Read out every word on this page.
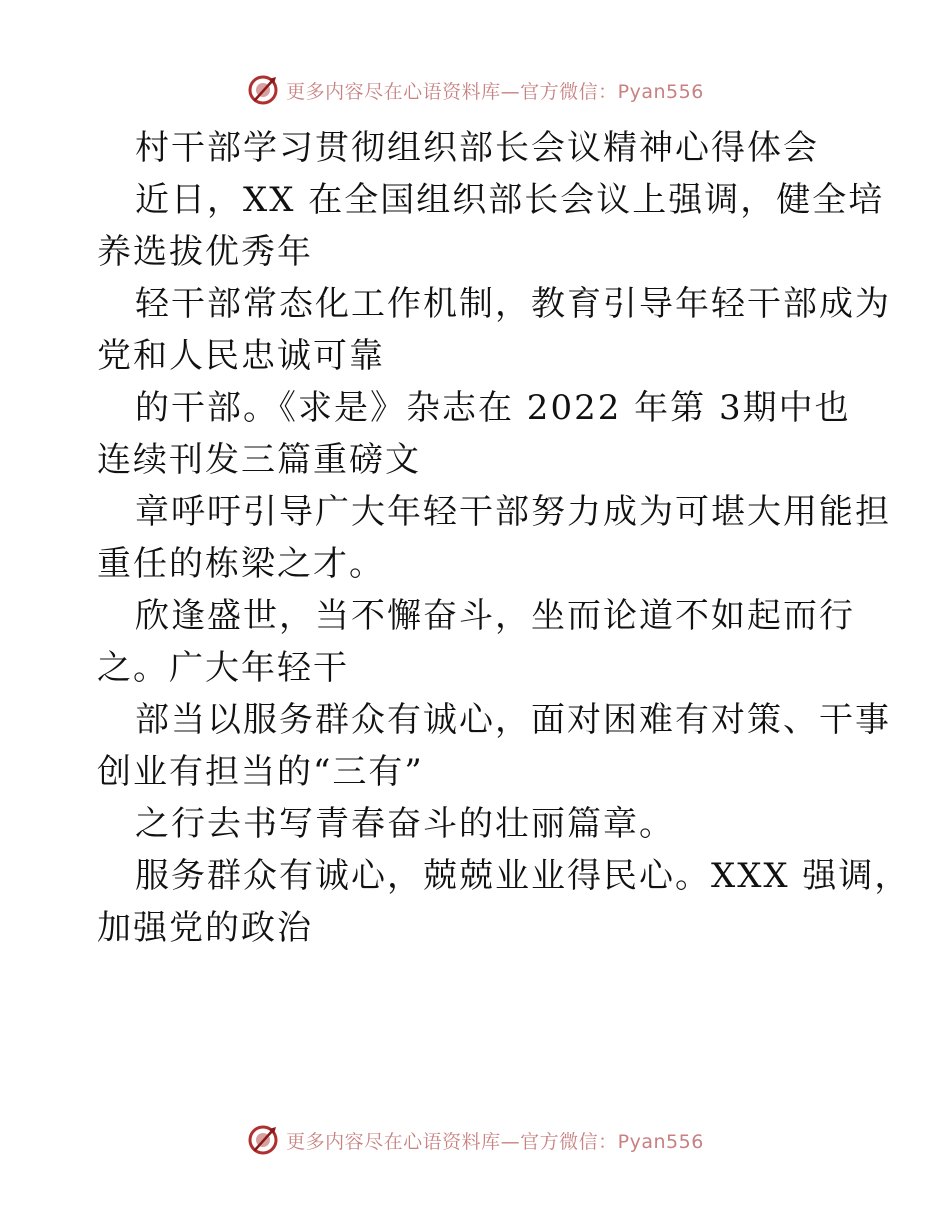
更多内容尽在心语资料库—官方微信：Pyan556
村干部学习贯彻组织部长会议精神心得体会
近日，XX 在全国组织部长会议上强调，健全培
养选拔优秀年
轻干部常态化工作机制，教育引导年轻干部成为
党和人民忠诚可靠
的干部。《求是》杂志在 2022 年第 3期中也
连续刊发三篇重磅文
章呼吁引导广大年轻干部努力成为可堪大用能担
重任的栋梁之才。
欣逢盛世，当不懈奋斗，坐而论道不如起而行
之。广大年轻干
部当以服务群众有诚心，面对困难有对策、干事
创业有担当的“三有”
之行去书写青春奋斗的壮丽篇章。
服务群众有诚心，兢兢业业得民心。XXX 强调，
加强党的政治
更多内容尽在心语资料库—官方微信：Pyan556
